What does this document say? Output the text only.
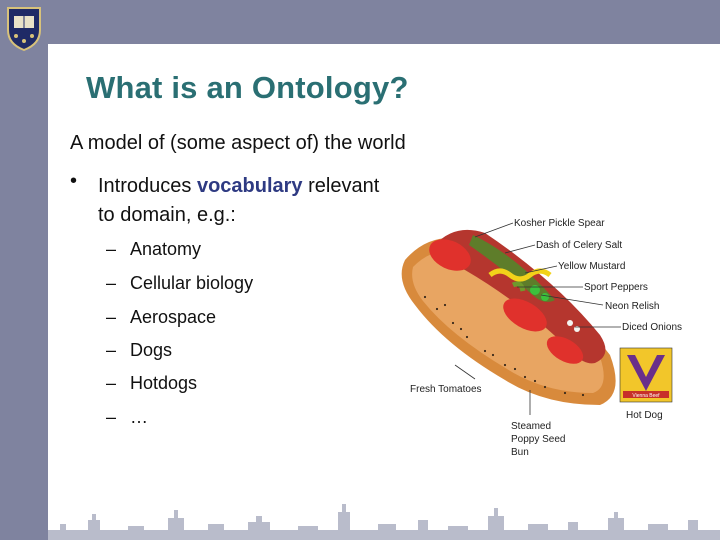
What is an Ontology?
A model of (some aspect of) the world
• Introduces vocabulary relevant to domain, e.g.:
– Anatomy
– Cellular biology
– Aerospace
– Dogs
– Hotdogs
– …
Kosher Pickle Spear
Dash of Celery Salt
Yellow Mustard
Sport Peppers
Neon Relish
Diced Onions
Fresh Tomatoes
Steamed
Poppy Seed
Bun
Vienna Beef
Hot Dog
